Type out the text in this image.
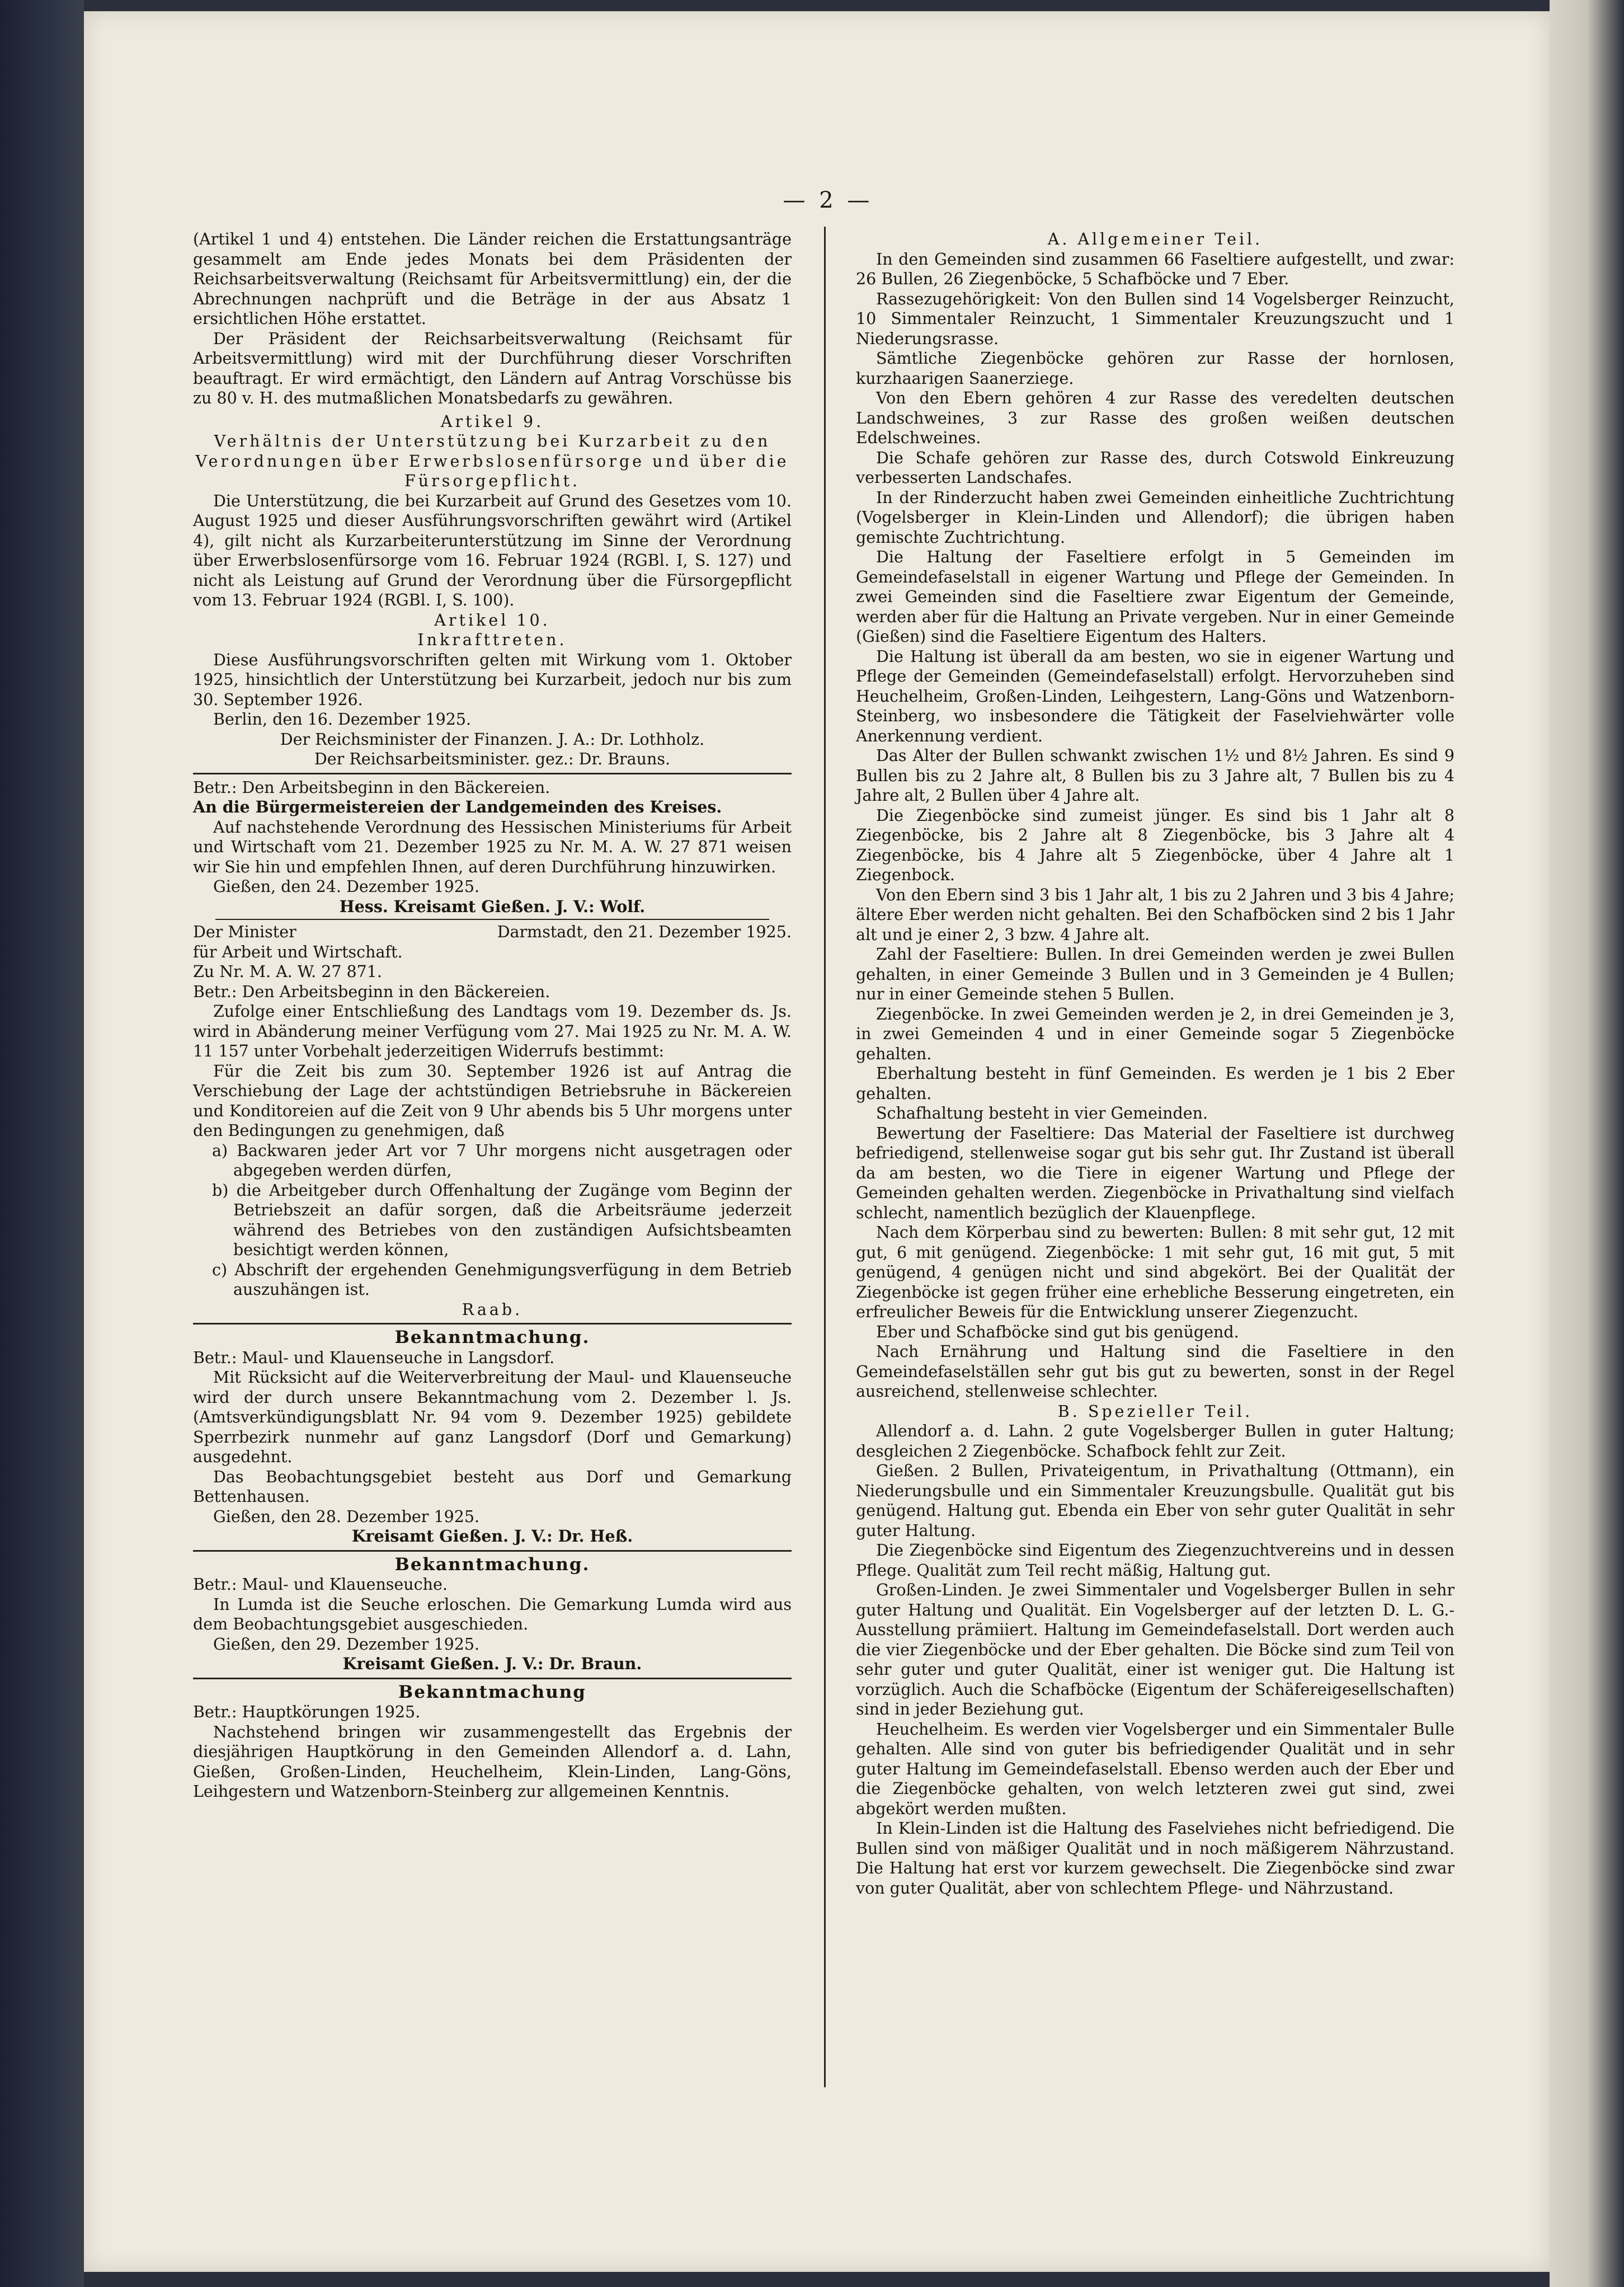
— 2 —

(Artikel 1 und 4) entstehen. Die Länder reichen die Erstattungsanträge gesammelt am Ende jedes Monats bei dem Präsidenten der Reichsarbeitsverwaltung (Reichsamt für Arbeitsvermittlung) ein, der die Abrechnungen nachprüft und die Beträge in der aus Absatz 1 ersichtlichen Höhe erstattet.

Der Präsident der Reichsarbeitsverwaltung (Reichsamt für Arbeitsvermittlung) wird mit der Durchführung dieser Vorschriften beauftragt. Er wird ermächtigt, den Ländern auf Antrag Vorschüsse bis zu 80 v. H. des mutmaßlichen Monatsbedarfs zu gewähren.

Artikel 9.

Verhältnis der Unterstützung bei Kurzarbeit zu den Verordnungen über Erwerbslosenfürsorge und über die Fürsorgepflicht.

Die Unterstützung, die bei Kurzarbeit auf Grund des Gesetzes vom 10. August 1925 und dieser Ausführungsvorschriften gewährt wird (Artikel 4), gilt nicht als Kurzarbeiterunterstützung im Sinne der Verordnung über Erwerbslosenfürsorge vom 16. Februar 1924 (RGBl. I, S. 127) und nicht als Leistung auf Grund der Verordnung über die Fürsorgepflicht vom 13. Februar 1924 (RGBl. I, S. 100).

Artikel 10.

Inkrafttreten.

Diese Ausführungsvorschriften gelten mit Wirkung vom 1. Oktober 1925, hinsichtlich der Unterstützung bei Kurzarbeit, jedoch nur bis zum 30. September 1926.

Berlin, den 16. Dezember 1925.

Der Reichsminister der Finanzen. J. A.: Dr. Lothholz.

Der Reichsarbeitsminister. gez.: Dr. Brauns.

Betr.: Den Arbeitsbeginn in den Bäckereien.

An die Bürgermeistereien der Landgemeinden des Kreises.

Auf nachstehende Verordnung des Hessischen Ministeriums für Arbeit und Wirtschaft vom 21. Dezember 1925 zu Nr. M. A. W. 27 871 weisen wir Sie hin und empfehlen Ihnen, auf deren Durchführung hinzuwirken.

Gießen, den 24. Dezember 1925.

Hess. Kreisamt Gießen. J. V.: Wolf.

Der Minister	Darmstadt, den 21. Dezember 1925.

für Arbeit und Wirtschaft.

Zu Nr. M. A. W. 27 871.

Betr.: Den Arbeitsbeginn in den Bäckereien.

Zufolge einer Entschließung des Landtags vom 19. Dezember ds. Js. wird in Abänderung meiner Verfügung vom 27. Mai 1925 zu Nr. M. A. W. 11 157 unter Vorbehalt jederzeitigen Widerrufs bestimmt:

Für die Zeit bis zum 30. September 1926 ist auf Antrag die Verschiebung der Lage der achtstündigen Betriebsruhe in Bäckereien und Konditoreien auf die Zeit von 9 Uhr abends bis 5 Uhr morgens unter den Bedingungen zu genehmigen, daß

a) Backwaren jeder Art vor 7 Uhr morgens nicht ausgetragen oder abgegeben werden dürfen,

b) die Arbeitgeber durch Offenhaltung der Zugänge vom Beginn der Betriebszeit an dafür sorgen, daß die Arbeitsräume jederzeit während des Betriebes von den zuständigen Aufsichtsbeamten besichtigt werden können,

c) Abschrift der ergehenden Genehmigungsverfügung in dem Betrieb auszuhängen ist.

Raab.

Bekanntmachung.

Betr.: Maul- und Klauenseuche in Langsdorf.

Mit Rücksicht auf die Weiterverbreitung der Maul- und Klauenseuche wird der durch unsere Bekanntmachung vom 2. Dezember l. Js. (Amtsverkündigungsblatt Nr. 94 vom 9. Dezember 1925) gebildete Sperrbezirk nunmehr auf ganz Langsdorf (Dorf und Gemarkung) ausgedehnt.

Das Beobachtungsgebiet besteht aus Dorf und Gemarkung Bettenhausen.

Gießen, den 28. Dezember 1925.

Kreisamt Gießen. J. V.: Dr. Heß.

Bekanntmachung.

Betr.: Maul- und Klauenseuche.

In Lumda ist die Seuche erloschen. Die Gemarkung Lumda wird aus dem Beobachtungsgebiet ausgeschieden.

Gießen, den 29. Dezember 1925.

Kreisamt Gießen. J. V.: Dr. Braun.

Bekanntmachung

Betr.: Hauptkörungen 1925.

Nachstehend bringen wir zusammengestellt das Ergebnis der diesjährigen Hauptkörung in den Gemeinden Allendorf a. d. Lahn, Gießen, Großen-Linden, Heuchelheim, Klein-Linden, Lang-Göns, Leihgestern und Watzenborn-Steinberg zur allgemeinen Kenntnis.

A. Allgemeiner Teil.

In den Gemeinden sind zusammen 66 Faseltiere aufgestellt, und zwar: 26 Bullen, 26 Ziegenböcke, 5 Schafböcke und 7 Eber.

Rassezugehörigkeit: Von den Bullen sind 14 Vogelsberger Reinzucht, 10 Simmentaler Reinzucht, 1 Simmentaler Kreuzungszucht und 1 Niederungsrasse.

Sämtliche Ziegenböcke gehören zur Rasse der hornlosen, kurzhaarigen Saanerziege.

Von den Ebern gehören 4 zur Rasse des veredelten deutschen Landschweines, 3 zur Rasse des großen weißen deutschen Edelschweines.

Die Schafe gehören zur Rasse des, durch Cotswold Einkreuzung verbesserten Landschafes.

In der Rinderzucht haben zwei Gemeinden einheitliche Zuchtrichtung (Vogelsberger in Klein-Linden und Allendorf); die übrigen haben gemischte Zuchtrichtung.

Die Haltung der Faseltiere erfolgt in 5 Gemeinden im Gemeindefaselstall in eigener Wartung und Pflege der Gemeinden. In zwei Gemeinden sind die Faseltiere zwar Eigentum der Gemeinde, werden aber für die Haltung an Private vergeben. Nur in einer Gemeinde (Gießen) sind die Faseltiere Eigentum des Halters.

Die Haltung ist überall da am besten, wo sie in eigener Wartung und Pflege der Gemeinden (Gemeindefaselstall) erfolgt. Hervorzuheben sind Heuchelheim, Großen-Linden, Leihgestern, Lang-Göns und Watzenborn-Steinberg, wo insbesondere die Tätigkeit der Faselviehwärter volle Anerkennung verdient.

Das Alter der Bullen schwankt zwischen 1½ und 8½ Jahren. Es sind 9 Bullen bis zu 2 Jahre alt, 8 Bullen bis zu 3 Jahre alt, 7 Bullen bis zu 4 Jahre alt, 2 Bullen über 4 Jahre alt.

Die Ziegenböcke sind zumeist jünger. Es sind bis 1 Jahr alt 8 Ziegenböcke, bis 2 Jahre alt 8 Ziegenböcke, bis 3 Jahre alt 4 Ziegenböcke, bis 4 Jahre alt 5 Ziegenböcke, über 4 Jahre alt 1 Ziegenbock.

Von den Ebern sind 3 bis 1 Jahr alt, 1 bis zu 2 Jahren und 3 bis 4 Jahre; ältere Eber werden nicht gehalten. Bei den Schafböcken sind 2 bis 1 Jahr alt und je einer 2, 3 bzw. 4 Jahre alt.

Zahl der Faseltiere: Bullen. In drei Gemeinden werden je zwei Bullen gehalten, in einer Gemeinde 3 Bullen und in 3 Gemeinden je 4 Bullen; nur in einer Gemeinde stehen 5 Bullen.

Ziegenböcke. In zwei Gemeinden werden je 2, in drei Gemeinden je 3, in zwei Gemeinden 4 und in einer Gemeinde sogar 5 Ziegenböcke gehalten.

Eberhaltung besteht in fünf Gemeinden. Es werden je 1 bis 2 Eber gehalten.

Schafhaltung besteht in vier Gemeinden.

Bewertung der Faseltiere: Das Material der Faseltiere ist durchweg befriedigend, stellenweise sogar gut bis sehr gut. Ihr Zustand ist überall da am besten, wo die Tiere in eigener Wartung und Pflege der Gemeinden gehalten werden. Ziegenböcke in Privathaltung sind vielfach schlecht, namentlich bezüglich der Klauenpflege.

Nach dem Körperbau sind zu bewerten: Bullen: 8 mit sehr gut, 12 mit gut, 6 mit genügend. Ziegenböcke: 1 mit sehr gut, 16 mit gut, 5 mit genügend, 4 genügen nicht und sind abgekört. Bei der Qualität der Ziegenböcke ist gegen früher eine erhebliche Besserung eingetreten, ein erfreulicher Beweis für die Entwicklung unserer Ziegenzucht.

Eber und Schafböcke sind gut bis genügend.

Nach Ernährung und Haltung sind die Faseltiere in den Gemeindefaselställen sehr gut bis gut zu bewerten, sonst in der Regel ausreichend, stellenweise schlechter.

B. Spezieller Teil.

Allendorf a. d. Lahn. 2 gute Vogelsberger Bullen in guter Haltung; desgleichen 2 Ziegenböcke. Schafbock fehlt zur Zeit.

Gießen. 2 Bullen, Privateigentum, in Privathaltung (Ottmann), ein Niederungsbulle und ein Simmentaler Kreuzungsbulle. Qualität gut bis genügend. Haltung gut. Ebenda ein Eber von sehr guter Qualität in sehr guter Haltung.

Die Ziegenböcke sind Eigentum des Ziegenzuchtvereins und in dessen Pflege. Qualität zum Teil recht mäßig, Haltung gut.

Großen-Linden. Je zwei Simmentaler und Vogelsberger Bullen in sehr guter Haltung und Qualität. Ein Vogelsberger auf der letzten D. L. G.-Ausstellung prämiiert. Haltung im Gemeindefaselstall. Dort werden auch die vier Ziegenböcke und der Eber gehalten. Die Böcke sind zum Teil von sehr guter und guter Qualität, einer ist weniger gut. Die Haltung ist vorzüglich. Auch die Schafböcke (Eigentum der Schäfereigesellschaften) sind in jeder Beziehung gut.

Heuchelheim. Es werden vier Vogelsberger und ein Simmentaler Bulle gehalten. Alle sind von guter bis befriedigender Qualität und in sehr guter Haltung im Gemeindefaselstall. Ebenso werden auch der Eber und die Ziegenböcke gehalten, von welch letzteren zwei gut sind, zwei abgekört werden mußten.

In Klein-Linden ist die Haltung des Faselviehes nicht befriedigend. Die Bullen sind von mäßiger Qualität und in noch mäßigerem Nährzustand. Die Haltung hat erst vor kurzem gewechselt. Die Ziegenböcke sind zwar von guter Qualität, aber von schlechtem Pflege- und Nährzustand.
